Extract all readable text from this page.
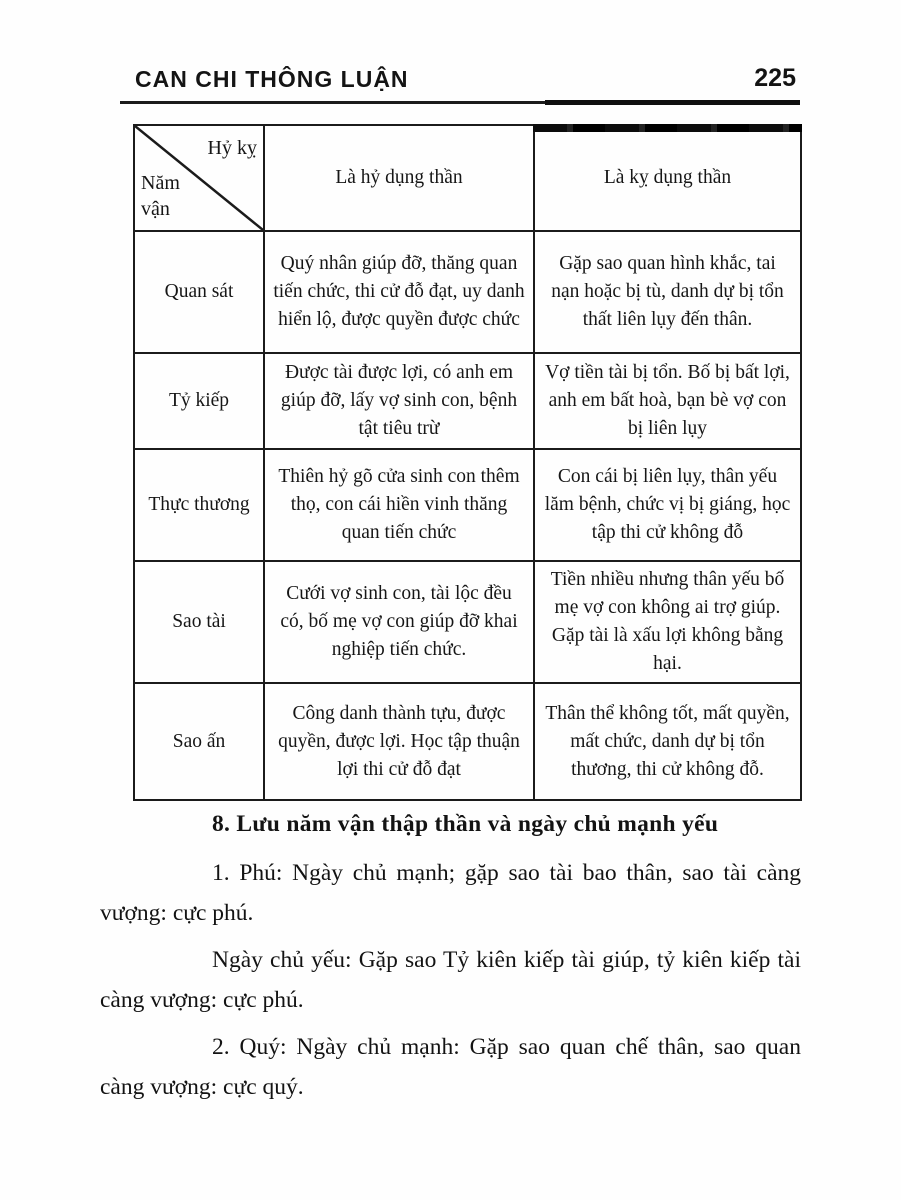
CAN CHI THÔNG LUẬN	225
Hỷ kỵ
Năm vận	Là hỷ dụng thần	Là kỵ dụng thần
Quan sát	Quý nhân giúp đỡ, thăng quan tiến chức, thi cử đỗ đạt, uy danh hiển lộ, được quyền được chức	Gặp sao quan hình khắc, tai nạn hoặc bị tù, danh dự bị tổn thất liên lụy đến thân.
Tỷ kiếp	Được tài được lợi, có anh em giúp đỡ, lấy vợ sinh con, bệnh tật tiêu trừ	Vợ tiền tài bị tổn. Bố bị bất lợi, anh em bất hoà, bạn bè vợ con bị liên lụy
Thực thương	Thiên hỷ gõ cửa sinh con thêm thọ, con cái hiền vinh thăng quan tiến chức	Con cái bị liên lụy, thân yếu lăm bệnh, chức vị bị giáng, học tập thi cử không đỗ
Sao tài	Cưới vợ sinh con, tài lộc đều có, bố mẹ vợ con giúp đỡ khai nghiệp tiến chức.	Tiền nhiều nhưng thân yếu bố mẹ vợ con không ai trợ giúp. Gặp tài là xấu lợi không bằng hại.
Sao ấn	Công danh thành tựu, được quyền, được lợi. Học tập thuận lợi thi cử đỗ đạt	Thân thể không tốt, mất quyền, mất chức, danh dự bị tổn thương, thi cử không đỗ.

8. Lưu năm vận thập thần và ngày chủ mạnh yếu

1. Phú: Ngày chủ mạnh; gặp sao tài bao thân, sao tài càng vượng: cực phú.

Ngày chủ yếu: Gặp sao Tỷ kiên kiếp tài giúp, tỷ kiên kiếp tài càng vượng: cực phú.

2. Quý: Ngày chủ mạnh: Gặp sao quan chế thân, sao quan càng vượng: cực quý.
